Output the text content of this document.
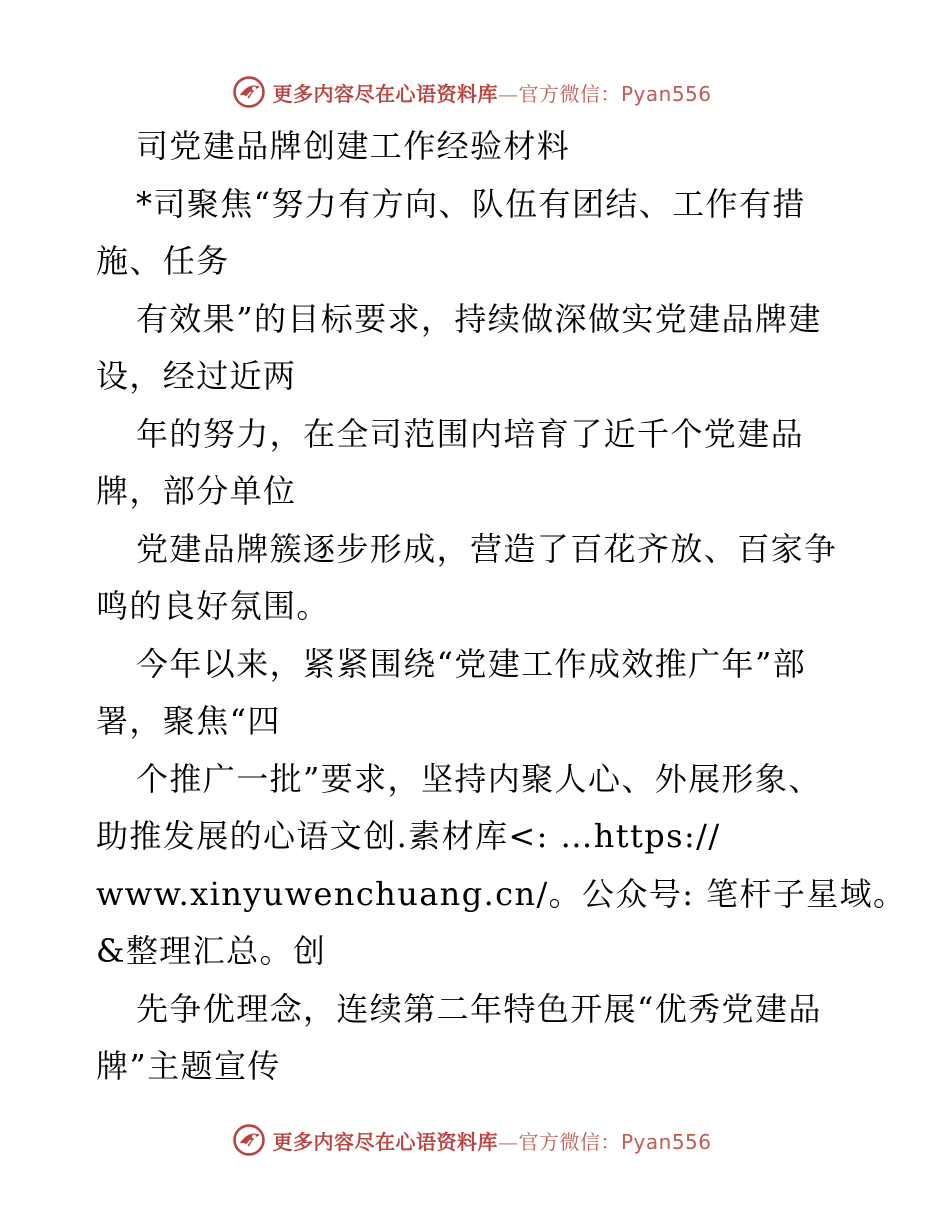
更多内容尽在心语资料库—官方微信：Pyan556
司党建品牌创建工作经验材料
*司聚焦“努力有方向、队伍有团结、工作有措
施、任务
有效果”的目标要求，持续做深做实党建品牌建
设，经过近两
年的努力，在全司范围内培育了近千个党建品
牌，部分单位
党建品牌簇逐步形成，营造了百花齐放、百家争
鸣的良好氛围。
今年以来，紧紧围绕“党建工作成效推广年”部
署，聚焦“四
个推广一批”要求，坚持内聚人心、外展形象、
助推发展的心语文创.素材库<: …https://
www.xinyuwenchuang.cn/。公众号: 笔杆子星域。
&整理汇总。创
先争优理念，连续第二年特色开展“优秀党建品
牌”主题宣传
更多内容尽在心语资料库—官方微信：Pyan556
